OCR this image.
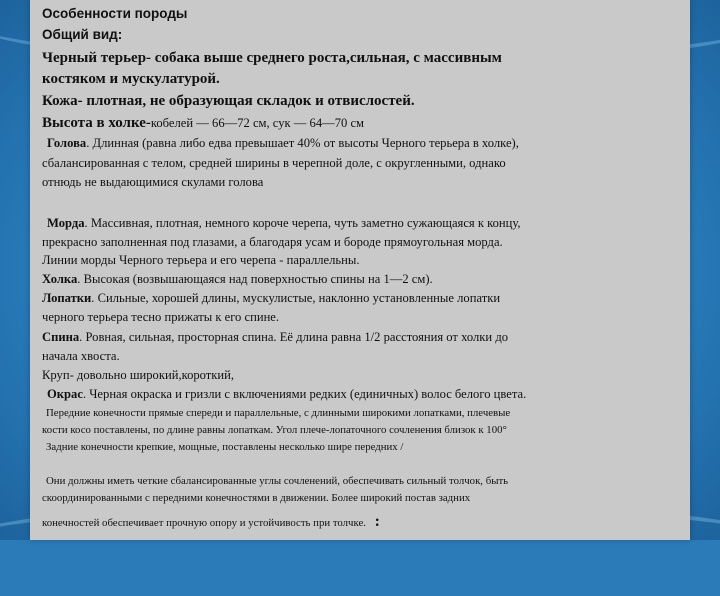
Особенности породы
Общий вид:
Черный терьер- собака выше среднего роста,сильная, с массивным
костяком и мускулатурой.
Кожа- плотная, не образующая складок и отвислостей.
Высота в холке-кобелей — 66—72 см, сук — 64—70 см
Голова. Длинная (равна либо едва превышает 40% от высоты Черного терьера в холке),
сбалансированная с телом, средней ширины в черепной доле, с округленными, однако
отнюдь не выдающимися скулами голова
Морда. Массивная, плотная, немного короче черепа, чуть заметно сужающаяся к концу,
прекрасно заполненная под глазами, а благодаря усам и бороде прямоугольная морда.
Линии морды Черного терьера и его черепа - параллельны.
Холка. Высокая (возвышающаяся над поверхностью спины на 1—2 см).
Лопатки. Сильные, хорошей длины, мускулистые, наклонно установленные лопатки
черного терьера тесно прижаты к его спине.
Спина. Ровная, сильная, просторная спина. Её длина равна 1/2 расстояния от холки до
начала хвоста.
Круп- довольно широкий,короткий,
Окрас. Черная окраска и гризли с включениями редких (единичных) волос белого цвета.
Передние конечности прямые спереди и параллельные, с длинными широкими лопатками, плечевые
кости косо поставлены, по длине равны лопаткам. Угол плече-лопаточного сочленения близок к 100°
Задние конечности крепкие, мощные, поставлены несколько шире передних /
Они должны иметь четкие сбалансированные углы сочленений, обеспечивать сильный толчок, быть
скоординированными с передними конечностями в движении. Более широкий постав задних
конечностей обеспечивает прочную опору и устойчивость при толчке. :
